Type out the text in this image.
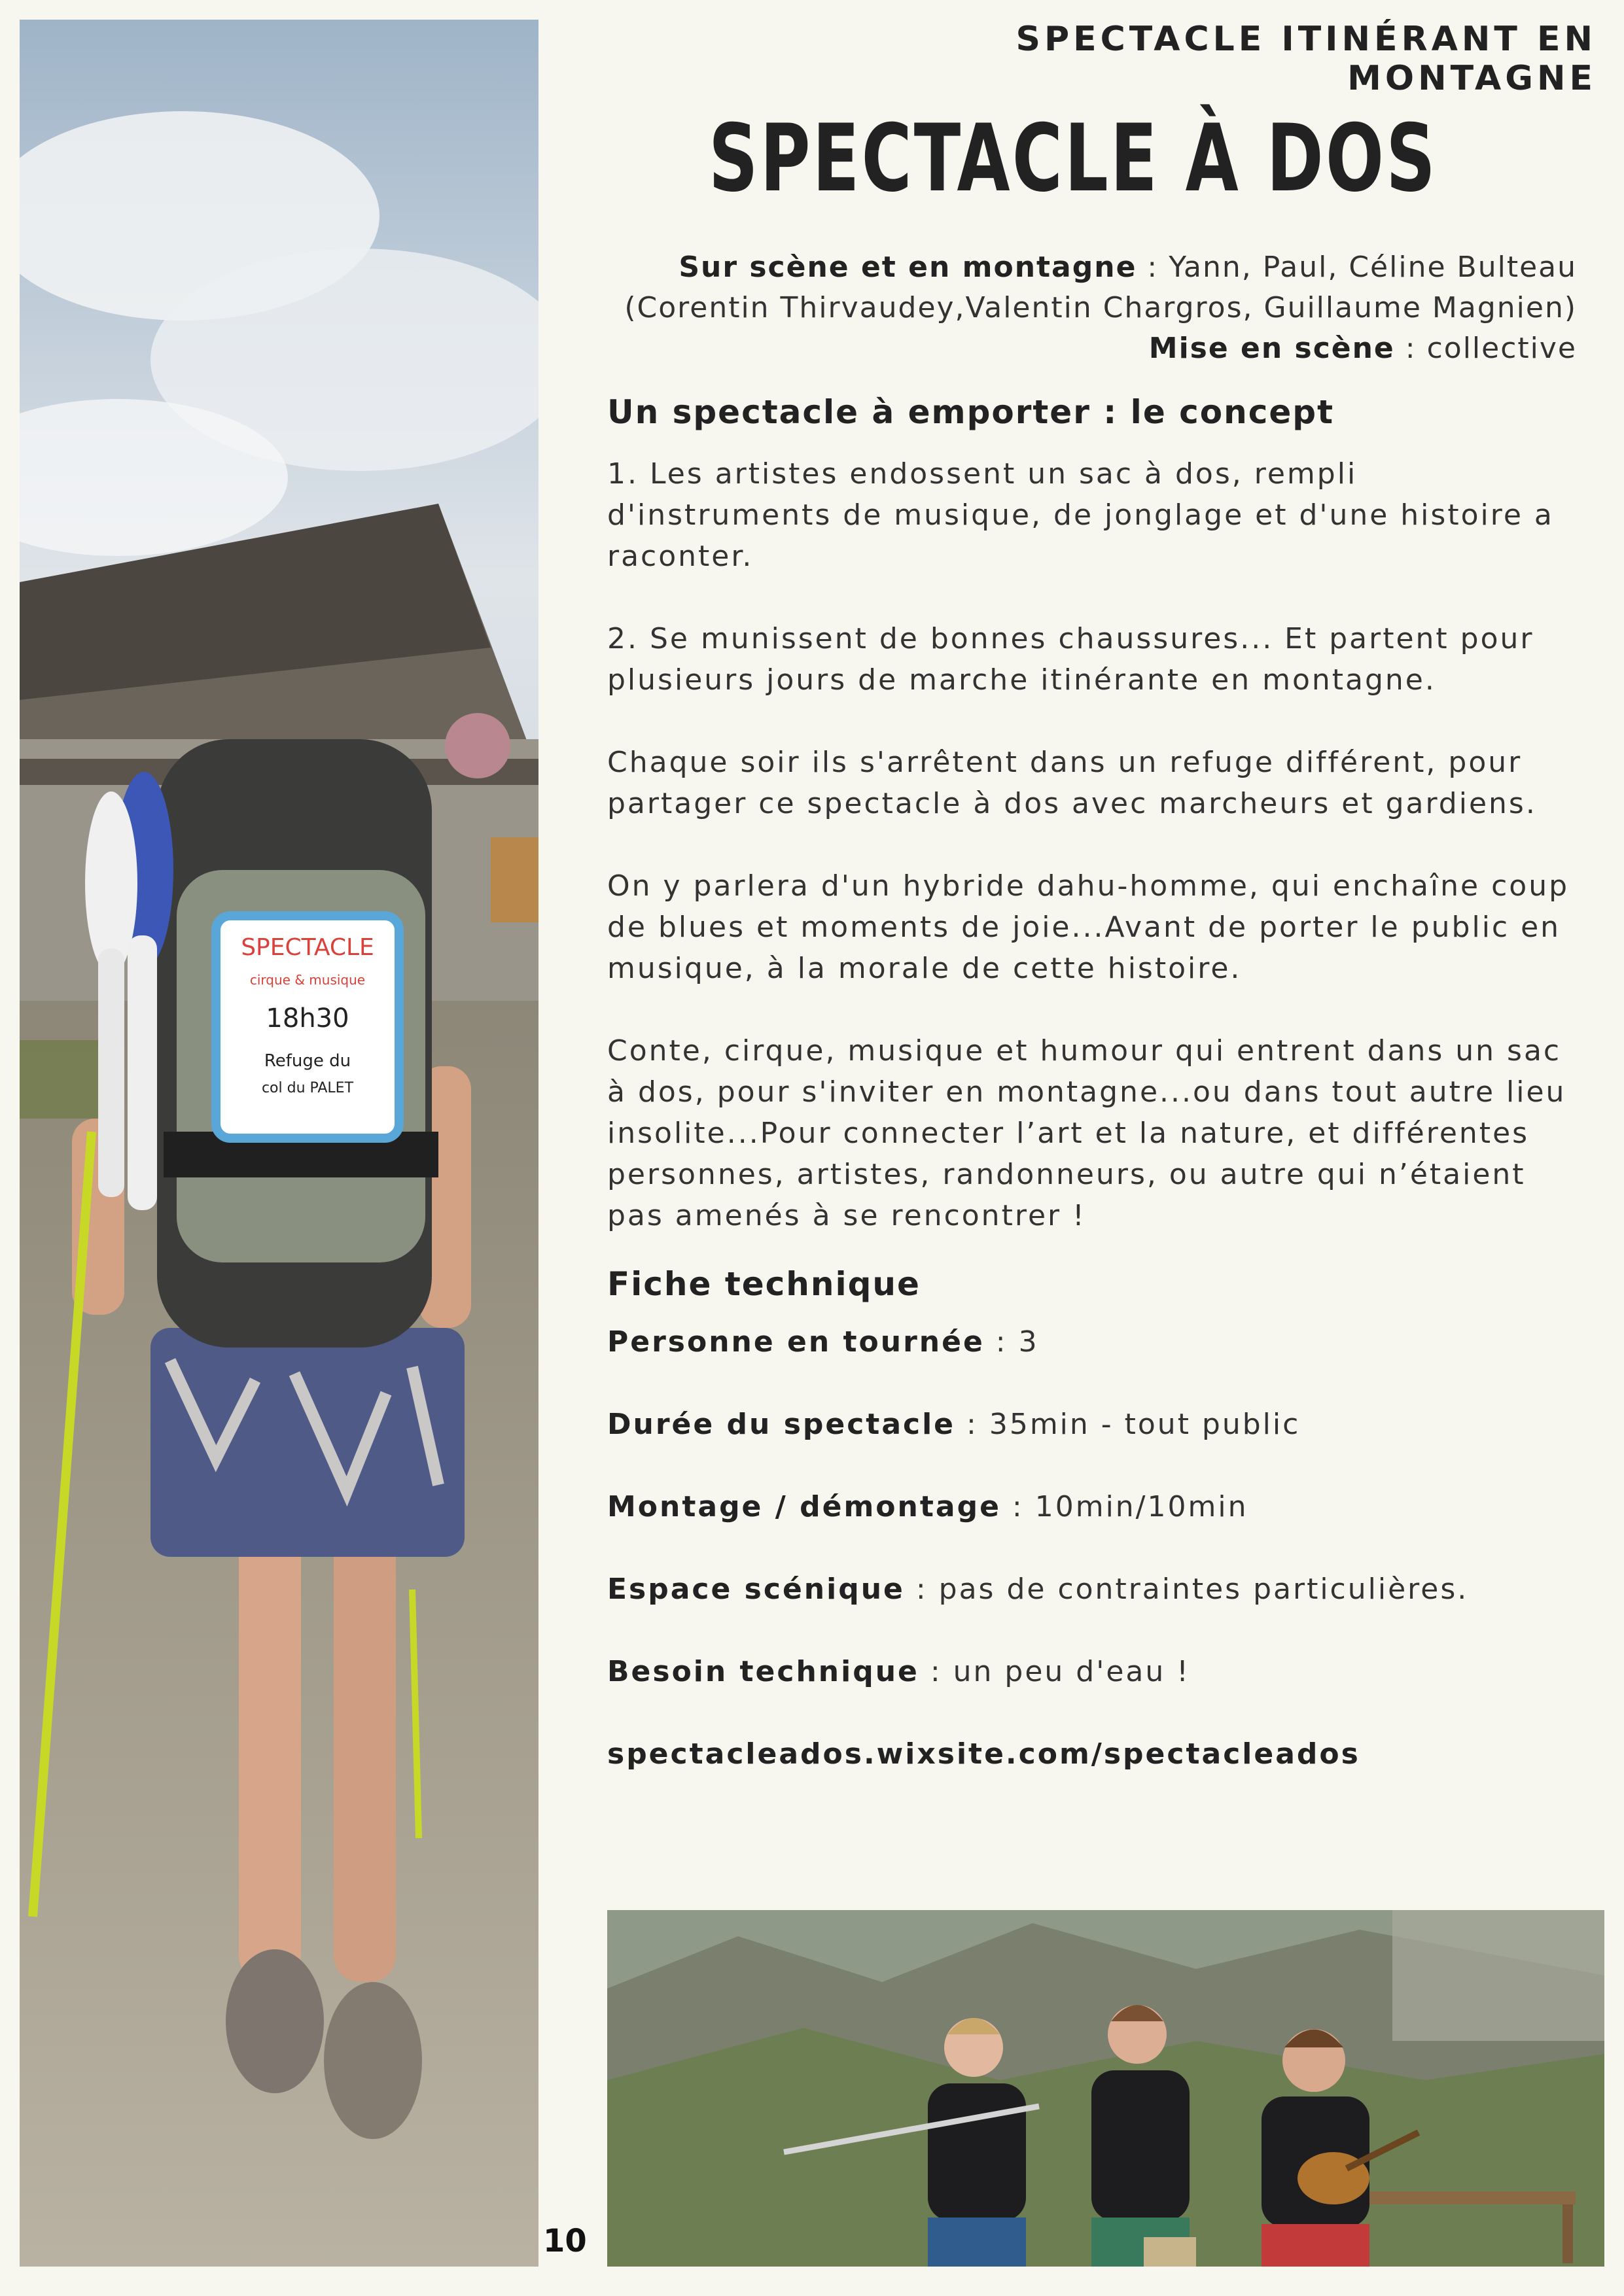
SPECTACLE
cirque & musique
18h30
Refuge du
col du PALET
SPECTACLE ITINÉRANT EN MONTAGNE
SPECTACLE À DOS
Sur scène et en montagne : Yann, Paul, Céline Bulteau
(Corentin Thirvaudey,Valentin Chargros, Guillaume Magnien)
Mise en scène : collective
Un spectacle à emporter : le concept
1. Les artistes endossent un sac à dos, rempli d'instruments de musique, de jonglage et d'une histoire a raconter.
2. Se munissent de bonnes chaussures... Et partent pour plusieurs jours de marche itinérante en montagne.
Chaque soir ils s'arrêtent dans un refuge différent, pour partager ce spectacle à dos avec marcheurs et gardiens.
On y parlera d'un hybride dahu-homme, qui enchaîne coup de blues et moments de joie...Avant de porter le public en musique, à la morale de cette histoire.
Conte, cirque, musique et humour qui entrent dans un sac à dos, pour s'inviter en montagne...ou dans tout autre lieu insolite...Pour connecter l’art et la nature, et différentes personnes, artistes, randonneurs, ou autre qui n’étaient pas amenés à se rencontrer !
Fiche technique
Personne en tournée : 3
Durée du spectacle : 35min - tout public
Montage / démontage : 10min/10min
Espace scénique : pas de contraintes particulières.
Besoin technique : un peu d'eau !
spectacleados.wixsite.com/spectacleados
10
